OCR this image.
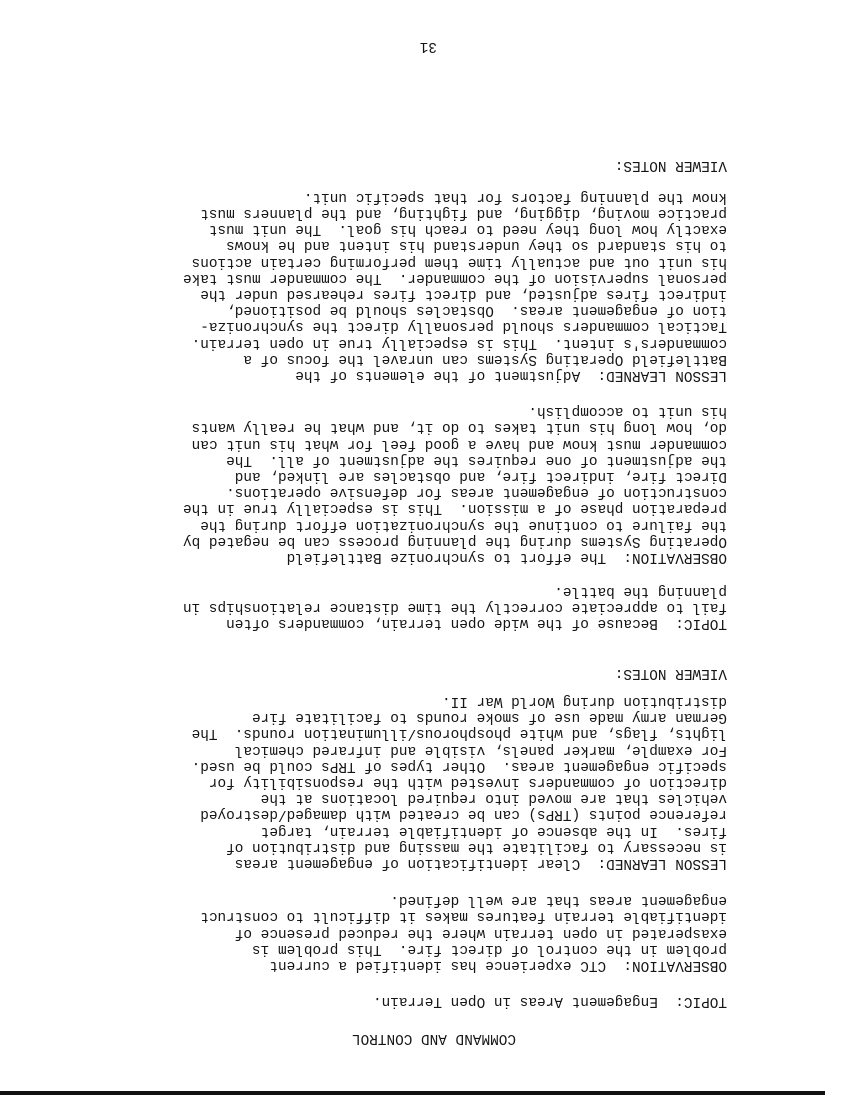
COMMAND AND CONTROL

TOPIC:  Engagement Areas in Open Terrain.

OBSERVATION:  CTC experience has identified a current
problem in the control of direct fire.  This problem is
exasperated in open terrain where the reduced presence of
identifiable terrain features makes it difficult to construct
engagement areas that are well defined.

LESSON LEARNED:  Clear identification of engagement areas
is necessary to facilitate the massing and distribution of
fires.  In the absence of identifiable terrain, target
reference points (TRPs) can be created with damaged/destroyed
vehicles that are moved into required locations at the
direction of commanders invested with the responsibility for
specific engagement areas.  Other types of TRPs could be used.
For example, marker panels, visible and infrared chemical
lights, flags, and white phosphorous/illumination rounds.  The
German army made use of smoke rounds to facilitate fire
distribution during World War II.

VIEWER NOTES:

TOPIC:  Because of the wide open terrain, commanders often
fail to appreciate correctly the time distance relationships in
planning the battle.

OBSERVATION:  The effort to synchronize Battlefield
Operating Systems during the planning process can be negated by
the failure to continue the synchronization effort during the
preparation phase of a mission.  This is especially true in the
construction of engagement areas for defensive operations.
Direct fire, indirect fire, and obstacles are linked, and
the adjustment of one requires the adjustment of all.  The
commander must know and have a good feel for what his unit can
do, how long his unit takes to do it, and what he really wants
his unit to accomplish.

LESSON LEARNED:  Adjustment of the elements of the
Battlefield Operating Systems can unravel the focus of a
commanders's intent.  This is especially true in open terrain.
Tactical commanders should personally direct the synchroniza-
tion of engagement areas.  Obstacles should be positioned,
indirect fires adjusted, and direct fires rehearsed under the
personal supervision of the commander.  The commander must take
his unit out and actually time them performing certain actions
to his standard so they understand his intent and he knows
exactly how long they need to reach his goal.  The unit must
practice moving, digging, and fighting, and the planners must
know the planning factors for that specific unit.

VIEWER NOTES:

31
